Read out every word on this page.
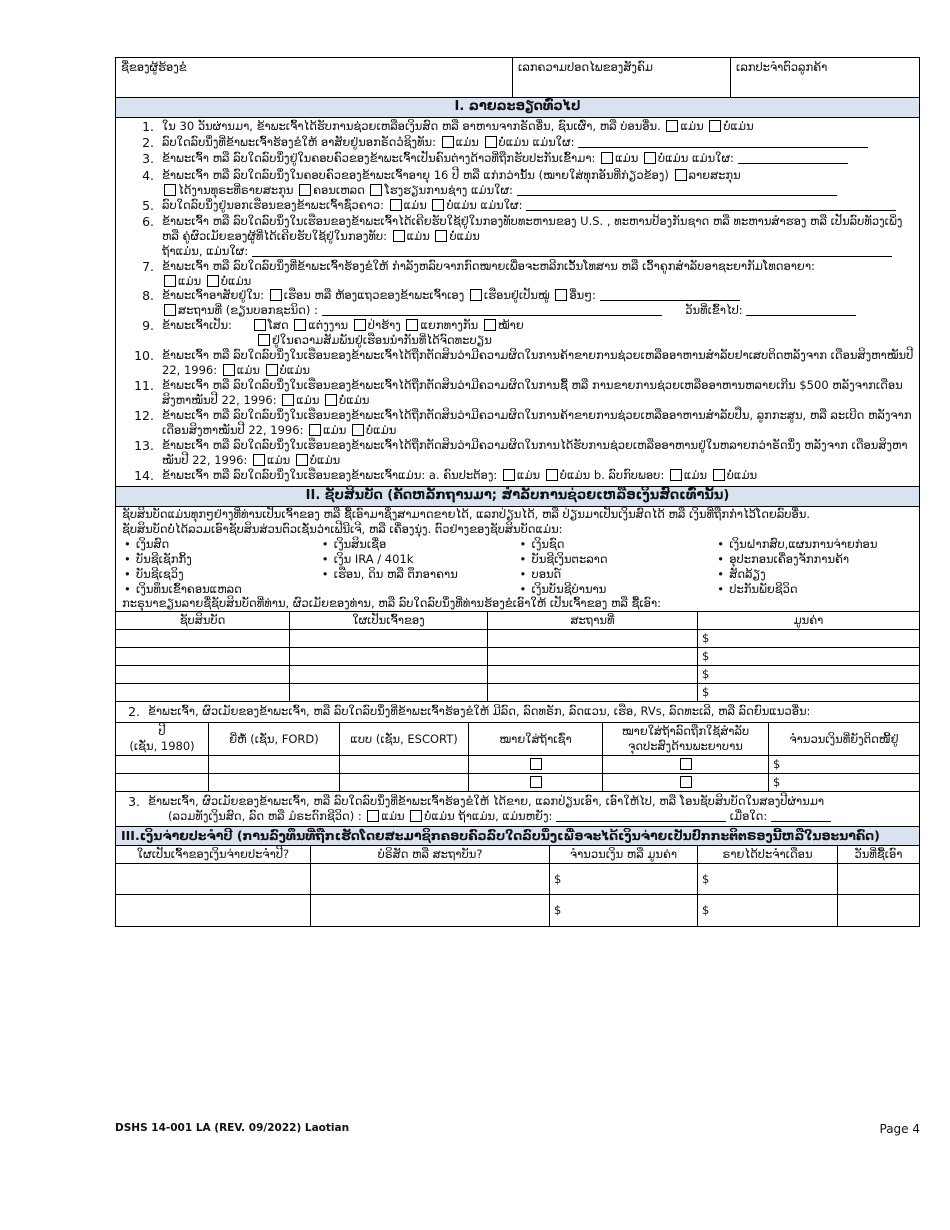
ຊື່ຂອງຜູ້ຮ້ອງຂໍ	ເລກຄວາມປອດໄພຂອງສັງຄົມ	ເລກປະຈຳຕົວລູກຄ້າ
I. ລາຍລະອຽດທົ່ວໄປ
1. ໃນ 30 ວັນຜ່ານມາ, ຂ້າພະເຈົ້າໄດ້ຮັບການຊ່ວຍເຫລືອເງິນສົດ ຫລື ອາຫານຈາກຣັດອື່ນ, ຊົນເຜົ່າ, ຫລື ບ່ອນອື່ນ. ແມ່ນ ບໍ່ແມ່ນ
2. ລົບໃດລົບນຶ່ງທີ່ຂ້າພະເຈົ້າຮ້ອງຂໍໃຫ້ ອາສັຍຢູ່ນອກຣັດວໍຊິງທັນ: ແມ່ນ ບໍ່ແມ່ນ ແມ່ນໃຜ:
3. ຂ້າພະເຈົ້າ ຫລື ລົບໃດລົບນຶ່ງຢູ່ໃນຄອບຄົວຂອງຂ້າພະເຈົ້າເປັນຄົນຕ່າງດ້າວທີ່ຖືກຮັບປະກັນເຂົ້າມາ: ແມ່ນ ບໍ່ແມ່ນ ແມ່ນໃຜ:
4. ຂ້າພະເຈົ້າ ຫລື ລົບໃດລົບນຶ່ງໃນຄອບຄົວຂອງຂ້າພະເຈົ້າອາຍຸ 16 ປີ ຫລື ແກ່ກວ່ານັ້ນ (ໝາຍໃສ່ທຸກອັນທີ່ກ່ຽວຂ້ອງ) ລາຍສະກຸນ
ໄດ້ງານທຸຣະທີ່ຣາຍສະກຸນ ຄອນເຫລດ ໂຮງຮຽນການຊ່າງ ແມ່ນໃຜ:
5. ລົບໃດລົບນຶ່ງຢູ່ນອກເຮືອນຂອງຂ້າພະເຈົ້າຊົ່ວຄາວ: ແມ່ນ ບໍ່ແມ່ນ ແມ່ນໃຜ:
6. ຂ້າພະເຈົ້າ ຫລື ລົບໃດລົບນຶ່ງໃນເຮືອນຂອງຂ້າພະເຈົ້າໄດ້ເຄີຍຮັບໃຊ້ຢູ່ໃນກອງທັບທະຫານຂອງ U.S. , ທະຫານປ້ອງກັນຊາດ ຫລື ທະຫານສຳຮອງ ຫລື ເປັນລົບທັວງເພິ່ງ ຫລື ຄູ່ຜົວເມັຍຂອງຜູ້ທີ່ໄດ້ເຄີຍຮັບໃຊ້ຢູ່ໃນກອງທັບ: ແມ່ນ ບໍ່ແມ່ນ
ຖ້າແມ່ນ, ແມ່ນໃຜ:
7. ຂ້າພະເຈົ້າ ຫລື ລົບໃດລົບນຶ່ງທີ່ຂ້າພະເຈົ້າຮ້ອງຂໍໃຫ້ ກຳລັງຫລົບຈາກກົດໝາຍເພື່ອຈະຫລີກເວັ້ນໂທສານ ຫລື ເວົ້າຄູກສຳລັບອາຊະຍາກັມໂທດອາຍາ:
ແມ່ນ ບໍ່ແມ່ນ
8. ຂ້າພະເຈົ້າອາສັຍຢູ່ໃນ: ເຮືອນ ຫລື ຫ້ອງແຖວຂອງຂ້າພະເຈົ້າເອງ ເຮືອນຢູ່ເປັນໝູ່ ອື່ນໆ:
ສະຖານທີ່ (ຂຽນບອກຊະນິດ) :	ວັນທີ່ເຂົ້າໄປ:
9. ຂ້າພະເຈົ້າເປັນ:	ໂສດ ແຕ່ງງານ ປ່າຮ້າງ ແຍກທາງກັນ ໝ້າຍ
ຢູ່ໃນຄວາມສັມພັນຢູ່ເຮືອນນຳກັນທີ່ໄດ້ຈົດທະບຽນ
10. ຂ້າພະເຈົ້າ ຫລື ລົບໃດລົບນຶ່ງໃນເຮືອນຂອງຂ້າພະເຈົ້າໄດ້ຖືກຕັດສິນວ່າມີຄວາມຜິດໃນການຄ້າຂາຍການຊ່ວຍເຫລືອອາຫານສຳລັບຢາເສບຕິດຫລັງຈາກ ເດືອນສິງຫາໝັນປີ 22, 1996: ແມ່ນ ບໍ່ແມ່ນ
11. ຂ້າພະເຈົ້າ ຫລື ລົບໃດລົບນຶ່ງໃນເຮືອນຂອງຂ້າພະເຈົ້າໄດ້ຖືກຕັດສິນວ່າມີຄວາມຜິດໃນການຊື້ ຫລື ການຂາຍການຊ່ວຍເຫລືອອາຫານຫລາຍເກີນ $500 ຫລັງຈາກເດືອນສິງຫາໝັນປີ 22, 1996: ແມ່ນ ບໍ່ແມ່ນ
12. ຂ້າພະເຈົ້າ ຫລື ລົບໃດລົບນຶ່ງໃນເຮືອນຂອງຂ້າພະເຈົ້າໄດ້ຖືກຕັດສິນວ່າມີຄວາມຜິດໃນການຄ້າຂາຍການຊ່ວຍເຫລືອອາຫານສຳລັບປືນ, ລູກກະສູນ, ຫລື ລະເບີດ ຫລັງຈາກເດືອນສິງຫາໝັນປີ 22, 1996: ແມ່ນ ບໍ່ແມ່ນ
13. ຂ້າພະເຈົ້າ ຫລື ລົບໃດລົບນຶ່ງໃນເຮືອນຂອງຂ້າພະເຈົ້າໄດ້ຖືກຕັດສິນວ່າມີຄວາມຜິດໃນການໄດ້ຮັບການຊ່ວຍເຫລືອອາຫານຢູ່ໃນຫລາຍກວ່າຣັດນຶ່ງ ຫລັງຈາກ ເດືອນສິງຫາໝັນປີ 22, 1996: ແມ່ນ ບໍ່ແມ່ນ
14. ຂ້າພະເຈົ້າ ຫລື ລົບໃດລົບນຶ່ງໃນເຮືອນຂອງຂ້າພະເຈົ້າແມ່ນ: a. ຄົນປະຕ້ອງ: ແມ່ນ ບໍ່ແມ່ນ b. ລົບກົບພອບ: ແມ່ນ ບໍ່ແມ່ນ
II. ຊັບສິນບັດ (ຄັດຫລັກຖານມາ; ສຳລັບການຊ່ວຍເຫລືອເງິນສົດເທົ່ານັ້ນ)
ຊັບສິນບັດແມ່ນທຸກໆຢ່າງທີ່ທ່ານເປັນເຈົ້າຂອງ ຫລື ຊື້ເອົາມາຊຶ່ງສາມາດຂາຍໄດ້, ແລກປ່ຽນໄດ້, ຫລື ປ່ຽນມາເປັນເງິນສົດໄດ້ ຫລື ເງິນທີ່ຖືກກຳໄວ້ໂດຍລົບອື່ນ.
ຊັບສິນບັດບໍ່ໄດ້ລວມເອົາຊັບສິນສ່ວນຕົວເຊັ່ນວ່າເຟີນີເຈີ, ຫລື ເຄື່ອງນຸ່ງ. ຕົວຢ່າງຂອງຊັບສິນບັດແມ່ນ:
• ເງິນສົດ	• ເງິນສິນເຊື່ອ	• ເງິນຊົດ	• ເງິນຝາກສົບ,ແຜນການຈ່າຍກ່ອນ
• ບັນຊີເຊັກກິ້ງ	• ເງິນ IRA / 401k	• ບັນຊີເງິນຕະລາດ	• ອຸປະກອນເຄື່ອງຈັກການຄ້າ
• ບັນຊີເຊວິງ	• ເຮືອນ, ດິນ ຫລື ຕຶກອາຄານ	• ບອນດ໌	• ສັດລ້ຽງ
• ເງິນທຶນເຂົ້າຄອນແຫລດ	• ເງິນບັນຊີບຳນານ	• ປະກັນພັຍຊີວິດ
ກະຣຸນາຂຽນລາຍຊື່ຊັບສິນບັດທີ່ທ່ານ, ຜົວເມັຍຂອງທ່ານ, ຫລື ລົບໃດລົບນຶ່ງທີ່ທ່ານຮ້ອງຂໍເອົາໃຫ້ ເປັນເຈົ້າຂອງ ຫລື ຊື້ເອົາ:
ຊັບສິນບັດ	ໃຜເປັນເຈົ້າຂອງ	ສະຖານທີ່	ມູນຄ່າ
			$
			$
			$
			$
2. ຂ້າພະເຈົ້າ, ຜົວເມັຍຂອງຂ້າພະເຈົ້າ, ຫລື ລົບໃດລົບນຶ່ງທີ່ຂ້າພະເຈົ້າຮ້ອງຂໍໃຫ້ ມີລົດ, ລົດທຣັກ, ລົດແວນ, ເຮືອ, RVs, ລົດທະເລີ, ຫລື ລົດຍົນແນວອື່ນ:
ປີ
(ເຊັ່ນ, 1980)	ຍີ່ຫໍ້ (ເຊັ່ນ, FORD)	ແບບ (ເຊັ່ນ, ESCORT)	ໝາຍໃສ່ຖ້າເຊົ່າ	ໝາຍໃສ່ຖ້າລົດຖືກໃຊ້ສຳລັບ ຈຸດປະສົງດ້ານພະຍາບານ	ຈຳນວນເງິນທີ່ຍັງຕິດໜີ້ຢູ່
					$
					$
3. ຂ້າພະເຈົ້າ, ຜົວເມັຍຂອງຂ້າພະເຈົ້າ, ຫລື ລົບໃດລົບນຶ່ງທີ່ຂ້າພະເຈົ້າຮ້ອງຂໍໃຫ້ ໄດ້ຂາຍ, ແລກປ່ຽນເອົາ, ເອົາໃຫ້ໄປ, ຫລື ໂອນຊັບສິນບັດໃນສອງປີຜ່ານມາ
(ລວມທັງເງິນສົດ, ລົດ ຫລື ມໍຣະດົກຊີວິດ) : ແມ່ນ ບໍ່ແມ່ນ ຖ້າແມ່ນ, ແມ່ນຫຍັງ:	ເມື່ອໃດ:
III.ເງິນຈ່າຍປະຈຳປີ (ການລົງທຶນທີ່ຖືກເຮັດໂດຍສະມາຊິກຄອບຄົວລົບໃດລົບນຶ່ງເພື່ອຈະໄດ້ເງິນຈ່າຍເປັນປົກກະຕິຕຣອງນີ້ຫລືໃນອະນາຄົດ)
ໃຜເປັນເຈົ້າຂອງເງິນຈ່າຍປະຈຳປີ?	ບໍຣິສັດ ຫລື ສະຖາບັນ?	ຈຳນວນເງິນ ຫລື ມູນຄ່າ	ຣາຍໄດ້ປະຈຳເດືອນ	ວັນທີ່ຊື້ເອົາ
		$	$	
		$	$	
DSHS 14-001 LA (REV. 09/2022) Laotian	Page 4
